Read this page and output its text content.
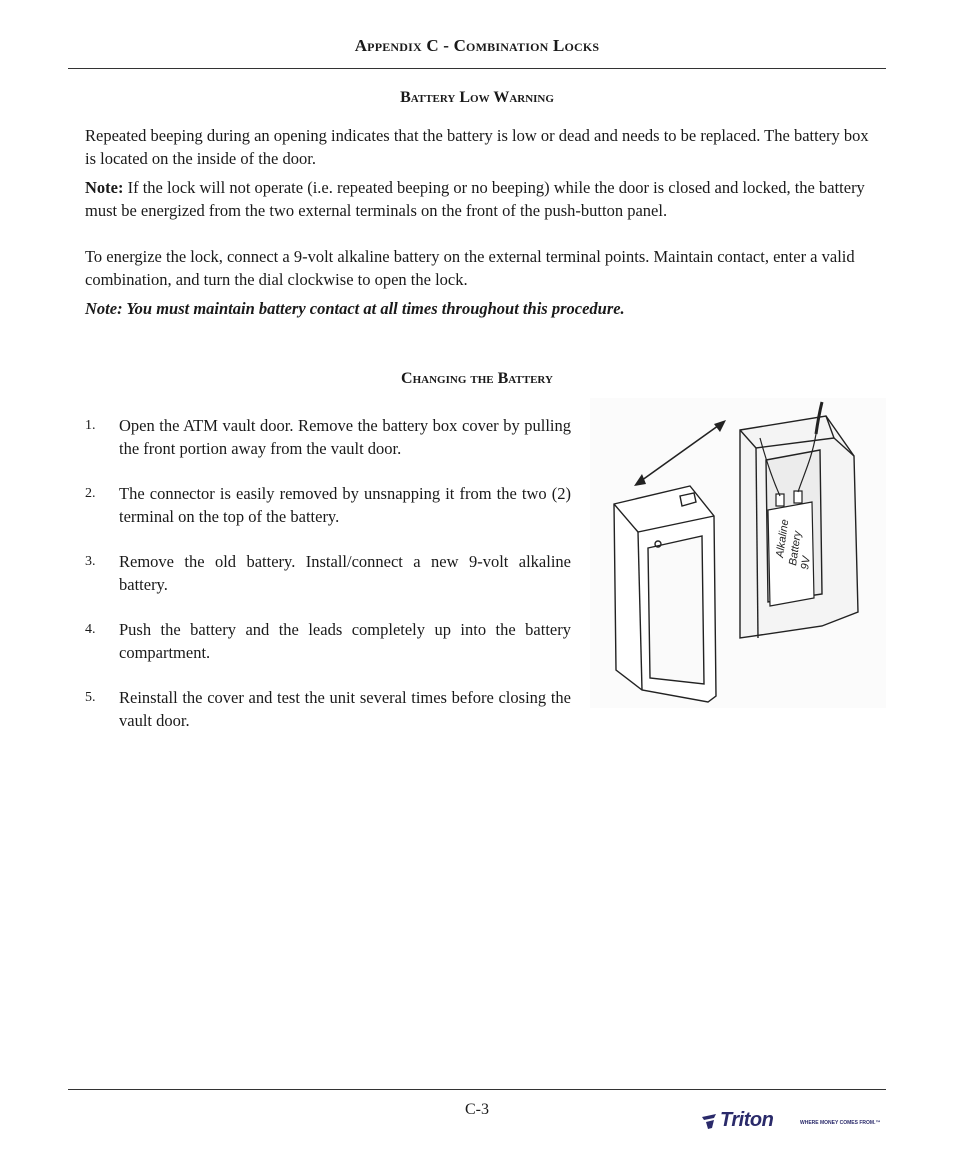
Appendix C - Combination Locks
Battery Low Warning

Repeated beeping during an opening indicates that the battery is low or dead and needs to be replaced. The battery box is located on the inside of the door.

Note: If the lock will not operate (i.e. repeated beeping or no beeping) while the door is closed and locked, the battery must be energized from the two external terminals on the front of the push-button panel.

To energize the lock, connect a 9-volt alkaline battery on the external terminal points. Maintain contact, enter a valid combination, and turn the dial clockwise to open the lock.

Note: You must maintain battery contact at all times throughout this procedure.

Changing the Battery
1. Open the ATM vault door. Remove the battery box cover by pulling the front portion away from the vault door.
2. The connector is easily removed by unsnapping it from the two (2) terminal on the top of the battery.
3. Remove the old battery. Install/connect a new 9-volt alkaline battery.
4. Push the battery and the leads completely up into the battery compartment.
5. Reinstall the cover and test the unit several times before closing the vault door.
Alkaline
Battery
9V
C-3	Triton	WHERE MONEY COMES FROM.™
